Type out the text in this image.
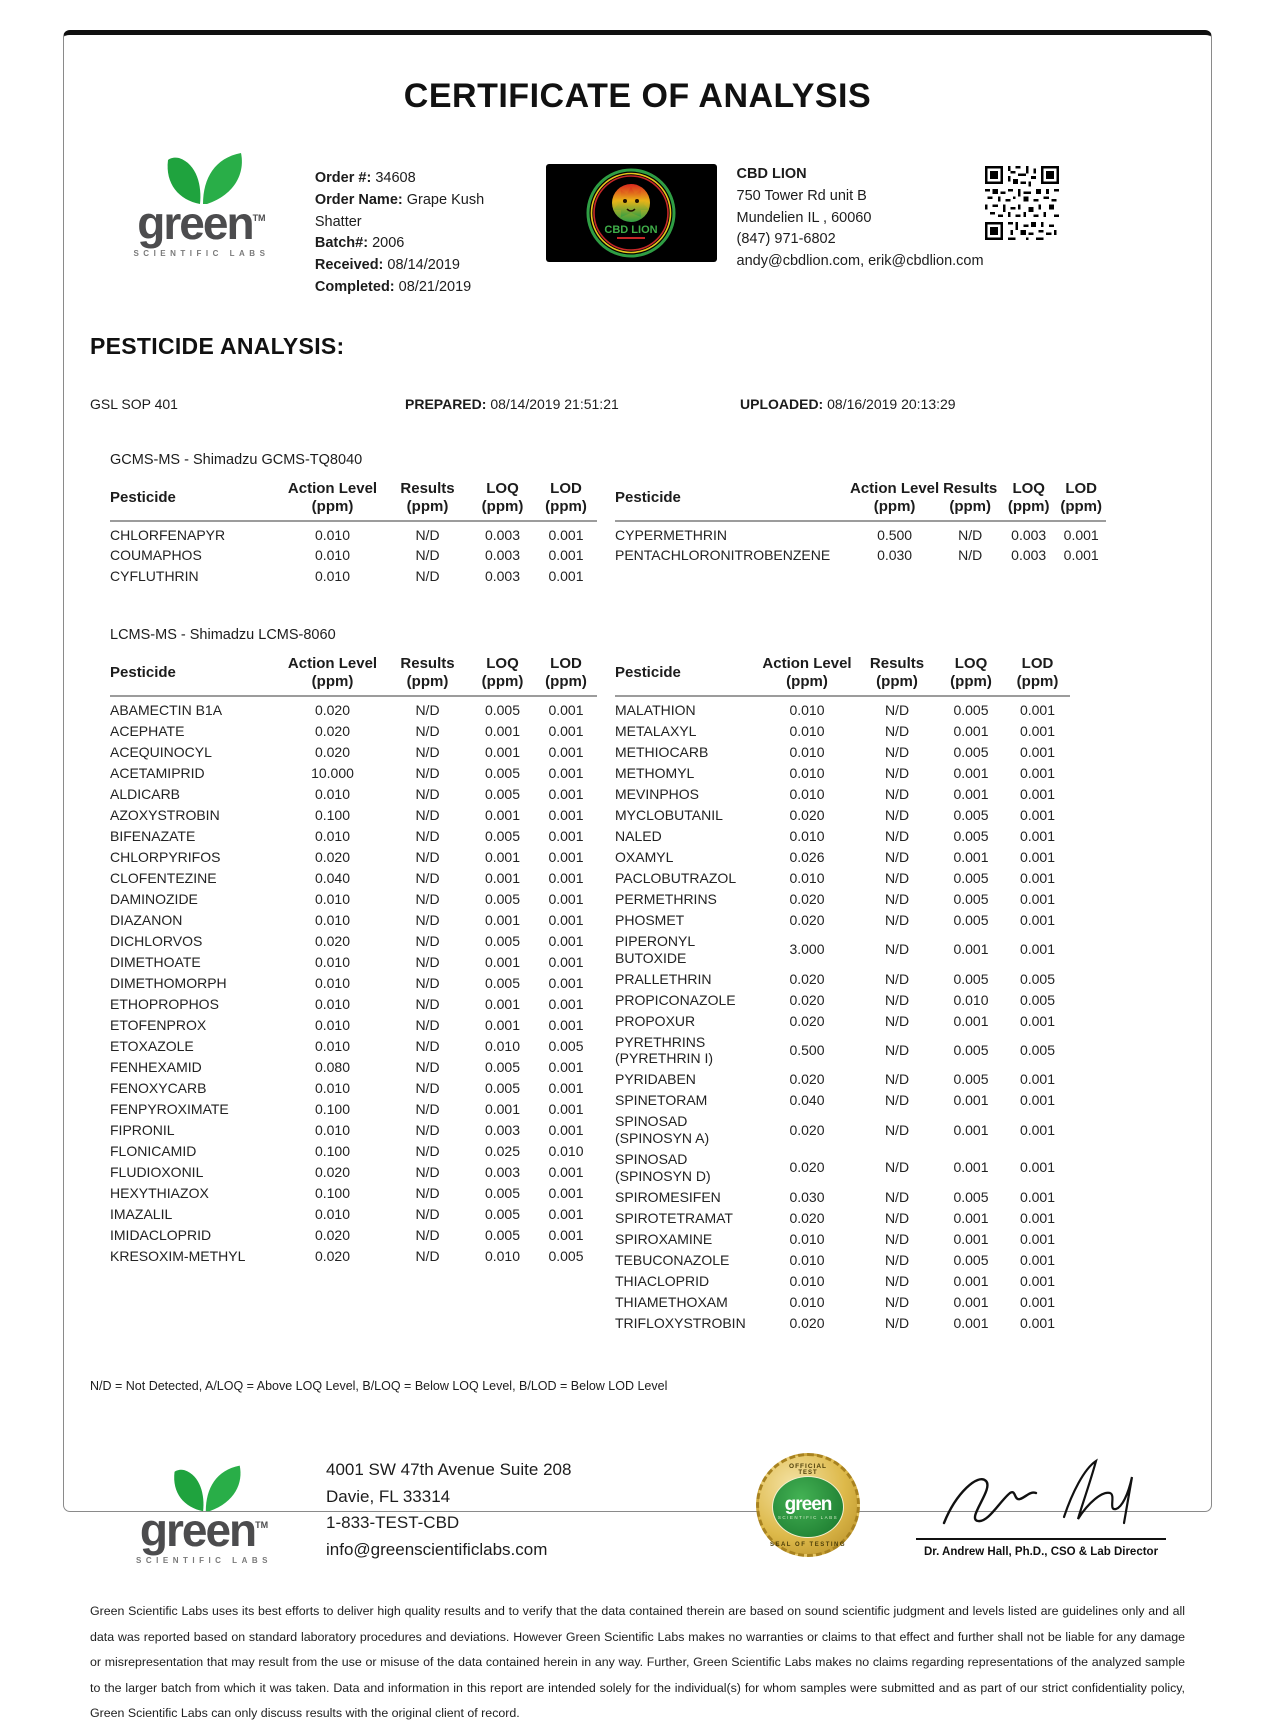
CERTIFICATE OF ANALYSIS
green™
SCIENTIFIC LABS
Order #: 34608
Order Name: Grape Kush Shatter
Batch#: 2006
Received: 08/14/2019
Completed: 08/21/2019
CBD LION
CBD LION
750 Tower Rd unit B
Mundelien IL , 60060
(847) 971-6802
andy@cbdlion.com, erik@cbdlion.com
PESTICIDE ANALYSIS:
GSL SOP 401	PREPARED: 08/14/2019 21:51:21	UPLOADED: 08/16/2019 20:13:29
GCMS-MS - Shimadzu GCMS-TQ8040
Pesticide

Action Level
(ppm)

Results
(ppm)

LOQ
(ppm)

LOD
(ppm)

CHLORFENAPYR	0.010	N/D	0.003	0.001
COUMAPHOS	0.010	N/D	0.003	0.001
CYFLUTHRIN	0.010	N/D	0.003	0.001
Pesticide

Action Level
(ppm)

Results
(ppm)

LOQ
(ppm)

LOD
(ppm)

CYPERMETHRIN	0.500	N/D	0.003	0.001
PENTACHLORONITROBENZENE	0.030	N/D	0.003	0.001
LCMS-MS - Shimadzu LCMS-8060
Pesticide

Action Level
(ppm)

Results
(ppm)

LOQ
(ppm)

LOD
(ppm)

ABAMECTIN B1A	0.020	N/D	0.005	0.001
ACEPHATE	0.020	N/D	0.001	0.001
ACEQUINOCYL	0.020	N/D	0.001	0.001
ACETAMIPRID	10.000	N/D	0.005	0.001
ALDICARB	0.010	N/D	0.005	0.001
AZOXYSTROBIN	0.100	N/D	0.001	0.001
BIFENAZATE	0.010	N/D	0.005	0.001
CHLORPYRIFOS	0.020	N/D	0.001	0.001
CLOFENTEZINE	0.040	N/D	0.001	0.001
DAMINOZIDE	0.010	N/D	0.005	0.001
DIAZANON	0.010	N/D	0.001	0.001
DICHLORVOS	0.020	N/D	0.005	0.001
DIMETHOATE	0.010	N/D	0.001	0.001
DIMETHOMORPH	0.010	N/D	0.005	0.001
ETHOPROPHOS	0.010	N/D	0.001	0.001
ETOFENPROX	0.010	N/D	0.001	0.001
ETOXAZOLE	0.010	N/D	0.010	0.005
FENHEXAMID	0.080	N/D	0.005	0.001
FENOXYCARB	0.010	N/D	0.005	0.001
FENPYROXIMATE	0.100	N/D	0.001	0.001
FIPRONIL	0.010	N/D	0.003	0.001
FLONICAMID	0.100	N/D	0.025	0.010
FLUDIOXONIL	0.020	N/D	0.003	0.001
HEXYTHIAZOX	0.100	N/D	0.005	0.001
IMAZALIL	0.010	N/D	0.005	0.001
IMIDACLOPRID	0.020	N/D	0.005	0.001
KRESOXIM-METHYL	0.020	N/D	0.010	0.005
Pesticide

Action Level
(ppm)

Results
(ppm)

LOQ
(ppm)

LOD
(ppm)

MALATHION	0.010	N/D	0.005	0.001
METALAXYL	0.010	N/D	0.001	0.001
METHIOCARB	0.010	N/D	0.005	0.001
METHOMYL	0.010	N/D	0.001	0.001
MEVINPHOS	0.010	N/D	0.001	0.001
MYCLOBUTANIL	0.020	N/D	0.005	0.001
NALED	0.010	N/D	0.005	0.001
OXAMYL	0.026	N/D	0.001	0.001
PACLOBUTRAZOL	0.010	N/D	0.005	0.001
PERMETHRINS	0.020	N/D	0.005	0.001
PHOSMET	0.020	N/D	0.005	0.001
PIPERONYL BUTOXIDE	3.000	N/D	0.001	0.001
PRALLETHRIN	0.020	N/D	0.005	0.005
PROPICONAZOLE	0.020	N/D	0.010	0.005
PROPOXUR	0.020	N/D	0.001	0.001
PYRETHRINS (PYRETHRIN I)	0.500	N/D	0.005	0.005
PYRIDABEN	0.020	N/D	0.005	0.001
SPINETORAM	0.040	N/D	0.001	0.001
SPINOSAD (SPINOSYN A)	0.020	N/D	0.001	0.001
SPINOSAD (SPINOSYN D)	0.020	N/D	0.001	0.001
SPIROMESIFEN	0.030	N/D	0.005	0.001
SPIROTETRAMAT	0.020	N/D	0.001	0.001
SPIROXAMINE	0.010	N/D	0.001	0.001
TEBUCONAZOLE	0.010	N/D	0.005	0.001
THIACLOPRID	0.010	N/D	0.001	0.001
THIAMETHOXAM	0.010	N/D	0.001	0.001
TRIFLOXYSTROBIN	0.020	N/D	0.001	0.001
N/D = Not Detected, A/LOQ = Above LOQ Level, B/LOQ = Below LOQ Level, B/LOD = Below LOD Level
green™
SCIENTIFIC LABS
4001 SW 47th Avenue Suite 208
Davie, FL 33314
1-833-TEST-CBD
info@greenscientificlabs.com
OFFICIAL
TEST
green
SCIENTIFIC LABS
SEAL OF TESTING
Dr. Andrew Hall, Ph.D., CSO & Lab Director
Green Scientific Labs uses its best efforts to deliver high quality results and to verify that the data contained therein are based on sound scientific judgment and levels listed are guidelines only and all data was reported based on standard laboratory procedures and deviations. However Green Scientific Labs makes no warranties or claims to that effect and further shall not be liable for any damage or misrepresentation that may result from the use or misuse of the data contained herein in any way. Further, Green Scientific Labs makes no claims regarding representations of the analyzed sample to the larger batch from which it was taken. Data and information in this report are intended solely for the individual(s) for whom samples were submitted and as part of our strict confidentiality policy, Green Scientific Labs can only discuss results with the original client of record.
